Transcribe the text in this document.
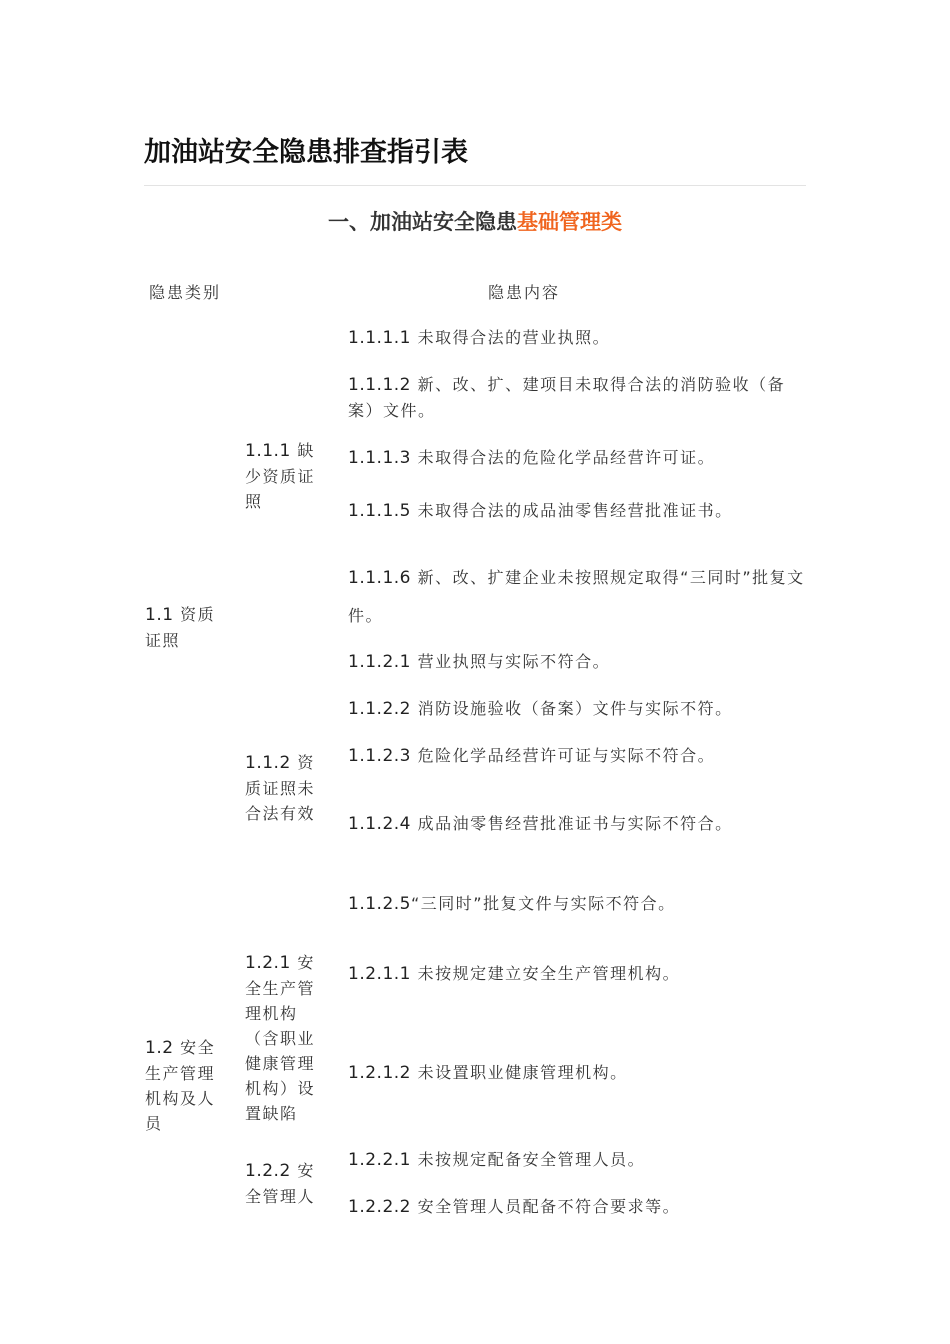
加油站安全隐患排查指引表
一、加油站安全隐患基础管理类
隐患类别	隐患内容
1.1 资质证照
1.2 安全生产管理机构及人员
1.1.1 缺少资质证照
1.1.2 资质证照未合法有效
1.2.1 安全生产管理机构（含职业健康管理机构）设置缺陷
1.2.2 安全管理人
1.1.1.1 未取得合法的营业执照。
1.1.1.2 新、改、扩、建项目未取得合法的消防验收（备案）文件。
1.1.1.3 未取得合法的危险化学品经营许可证。
1.1.1.5 未取得合法的成品油零售经营批准证书。
1.1.1.6 新、改、扩建企业未按照规定取得“三同时”批复文件。
1.1.2.1 营业执照与实际不符合。
1.1.2.2 消防设施验收（备案）文件与实际不符。
1.1.2.3 危险化学品经营许可证与实际不符合。
1.1.2.4 成品油零售经营批准证书与实际不符合。
1.1.2.5“三同时”批复文件与实际不符合。
1.2.1.1 未按规定建立安全生产管理机构。
1.2.1.2 未设置职业健康管理机构。
1.2.2.1 未按规定配备安全管理人员。
1.2.2.2 安全管理人员配备不符合要求等。
